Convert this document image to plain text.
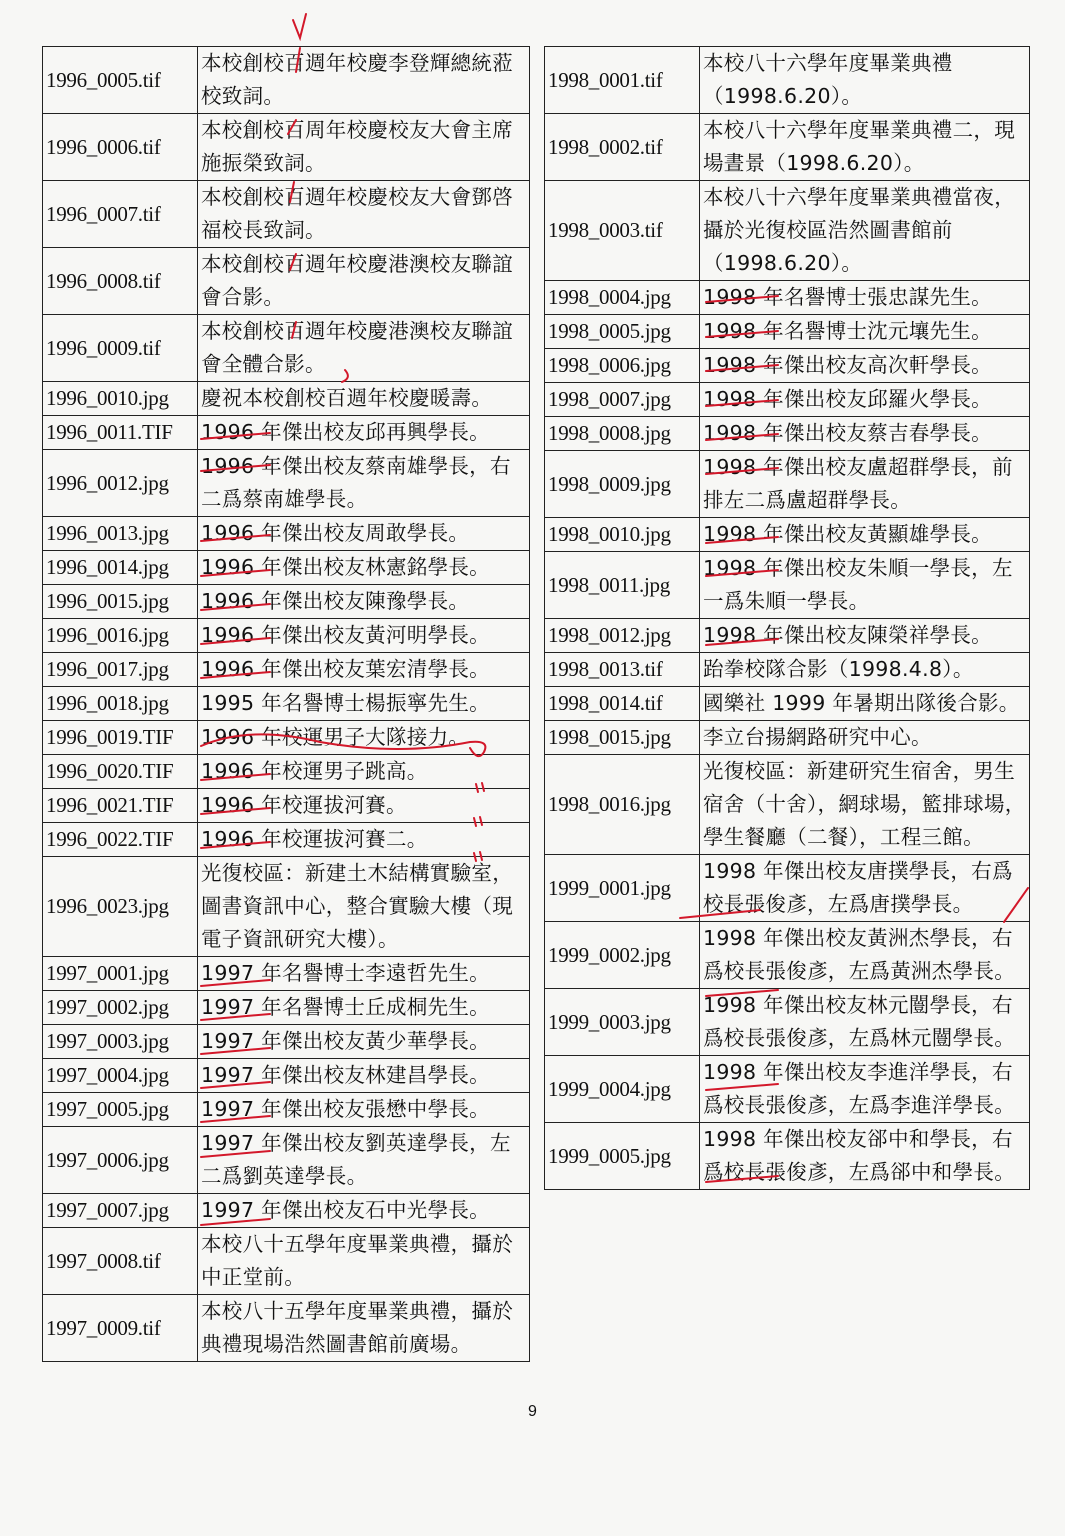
1996_0005.tif	本校創校百週年校慶李登輝總統蒞校致詞。
1996_0006.tif	本校創校百周年校慶校友大會主席施振榮致詞。
1996_0007.tif	本校創校百週年校慶校友大會鄧啓福校長致詞。
1996_0008.tif	本校創校百週年校慶港澳校友聯誼會合影。
1996_0009.tif	本校創校百週年校慶港澳校友聯誼會全體合影。
1996_0010.jpg	慶祝本校創校百週年校慶暖壽。
1996_0011.TIF	1996 年傑出校友邱再興學長。
1996_0012.jpg	1996 年傑出校友蔡南雄學長，右二爲蔡南雄學長。
1996_0013.jpg	1996 年傑出校友周敢學長。
1996_0014.jpg	1996 年傑出校友林憲銘學長。
1996_0015.jpg	1996 年傑出校友陳豫學長。
1996_0016.jpg	1996 年傑出校友黃河明學長。
1996_0017.jpg	1996 年傑出校友葉宏清學長。
1996_0018.jpg	1995 年名譽博士楊振寧先生。
1996_0019.TIF	1996 年校運男子大隊接力。
1996_0020.TIF	1996 年校運男子跳高。
1996_0021.TIF	1996 年校運拔河賽。
1996_0022.TIF	1996 年校運拔河賽二。
1996_0023.jpg	光復校區：新建土木結構實驗室，圖書資訊中心，整合實驗大樓（現電子資訊研究大樓）。
1997_0001.jpg	1997 年名譽博士李遠哲先生。
1997_0002.jpg	1997 年名譽博士丘成桐先生。
1997_0003.jpg	1997 年傑出校友黃少華學長。
1997_0004.jpg	1997 年傑出校友林建昌學長。
1997_0005.jpg	1997 年傑出校友張懋中學長。
1997_0006.jpg	1997 年傑出校友劉英達學長，左二爲劉英達學長。
1997_0007.jpg	1997 年傑出校友石中光學長。
1997_0008.tif	本校八十五學年度畢業典禮，攝於中正堂前。
1997_0009.tif	本校八十五學年度畢業典禮，攝於典禮現場浩然圖書館前廣場。
1998_0001.tif	本校八十六學年度畢業典禮（1998.6.20）。
1998_0002.tif	本校八十六學年度畢業典禮二，現場晝景（1998.6.20）。
1998_0003.tif	本校八十六學年度畢業典禮當夜，攝於光復校區浩然圖書館前（1998.6.20）。
1998_0004.jpg	1998 年名譽博士張忠謀先生。
1998_0005.jpg	1998 年名譽博士沈元壤先生。
1998_0006.jpg	1998 年傑出校友高次軒學長。
1998_0007.jpg	1998 年傑出校友邱羅火學長。
1998_0008.jpg	1998 年傑出校友蔡吉春學長。
1998_0009.jpg	1998 年傑出校友盧超群學長，前排左二爲盧超群學長。
1998_0010.jpg	1998 年傑出校友黃顯雄學長。
1998_0011.jpg	1998 年傑出校友朱順一學長，左一爲朱順一學長。
1998_0012.jpg	1998 年傑出校友陳榮祥學長。
1998_0013.tif	跆拳校隊合影（1998.4.8）。
1998_0014.tif	國樂社 1999 年暑期出隊後合影。
1998_0015.jpg	李立台揚網路研究中心。
1998_0016.jpg	光復校區：新建研究生宿舍，男生宿舍（十舍），網球場，籃排球場，學生餐廳（二餐），工程三館。
1999_0001.jpg	1998 年傑出校友唐撲學長，右爲校長張俊彥，左爲唐撲學長。
1999_0002.jpg	1998 年傑出校友黃洲杰學長，右爲校長張俊彥，左爲黃洲杰學長。
1999_0003.jpg	1998 年傑出校友林元闓學長，右爲校長張俊彥，左爲林元闓學長。
1999_0004.jpg	1998 年傑出校友李進洋學長，右爲校長張俊彥，左爲李進洋學長。
1999_0005.jpg	1998 年傑出校友郤中和學長，右爲校長張俊彥，左爲郤中和學長。
9
